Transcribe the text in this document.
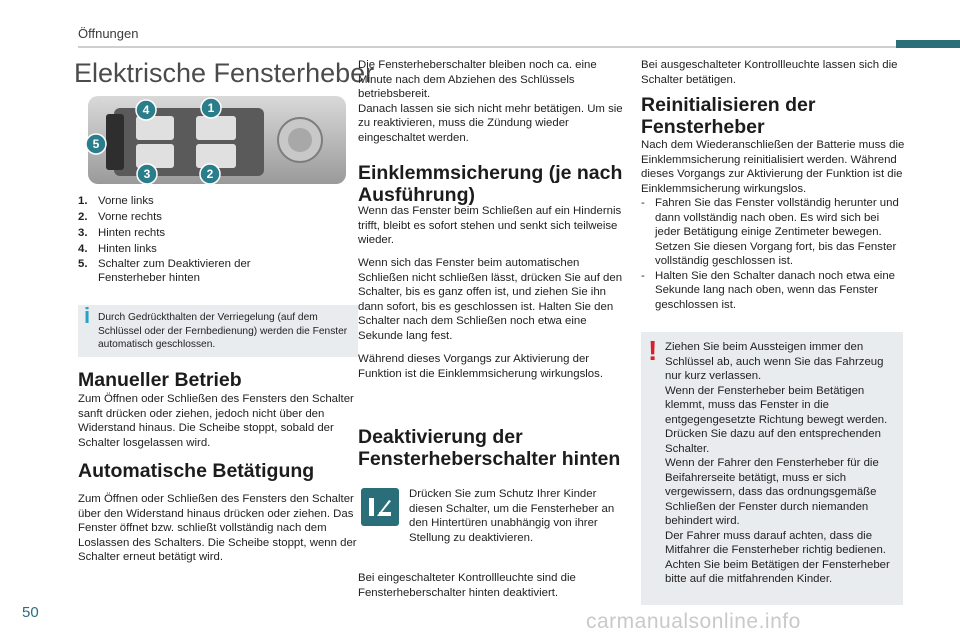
Öffnungen
Elektrische Fensterheber
4	1
5
3	2
1. Vorne links
2. Vorne rechts
3. Hinten rechts
4. Hinten links
5. Schalter zum Deaktivieren der Fensterheber hinten
i Durch Gedrückthalten der Verriegelung (auf dem Schlüssel oder der Fernbedienung) werden die Fenster automatisch geschlossen.
Manueller Betrieb
Zum Öffnen oder Schließen des Fensters den Schalter sanft drücken oder ziehen, jedoch nicht über den Widerstand hinaus. Die Scheibe stoppt, sobald der Schalter losgelassen wird.
Automatische Betätigung
Zum Öffnen oder Schließen des Fensters den Schalter über den Widerstand hinaus drücken oder ziehen. Das Fenster öffnet bzw. schließt vollständig nach dem Loslassen des Schalters. Die Scheibe stoppt, wenn der Schalter erneut betätigt wird.
Die Fensterheberschalter bleiben noch ca. eine Minute nach dem Abziehen des Schlüssels betriebsbereit.
Danach lassen sie sich nicht mehr betätigen. Um sie zu reaktivieren, muss die Zündung wieder eingeschaltet werden.
Einklemmsicherung (je nach Ausführung)
Wenn das Fenster beim Schließen auf ein Hindernis trifft, bleibt es sofort stehen und senkt sich teilweise wieder.
Wenn sich das Fenster beim automatischen Schließen nicht schließen lässt, drücken Sie auf den Schalter, bis es ganz offen ist, und ziehen Sie ihn dann sofort, bis es geschlossen ist. Halten Sie den Schalter nach dem Schließen noch etwa eine Sekunde lang fest.
Während dieses Vorgangs zur Aktivierung der Funktion ist die Einklemmsicherung wirkungslos.
Deaktivierung der Fensterheberschalter hinten
Drücken Sie zum Schutz Ihrer Kinder diesen Schalter, um die Fensterheber an den Hintertüren unabhängig von ihrer Stellung zu deaktivieren.
Bei eingeschalteter Kontrollleuchte sind die Fensterheberschalter hinten deaktiviert.
Bei ausgeschalteter Kontrollleuchte lassen sich die Schalter betätigen.
Reinitialisieren der Fensterheber
Nach dem Wiederanschließen der Batterie muss die Einklemmsicherung reinitialisiert werden. Während dieses Vorgangs zur Aktivierung der Funktion ist die Einklemmsicherung wirkungslos.
- Fahren Sie das Fenster vollständig herunter und dann vollständig nach oben. Es wird sich bei jeder Betätigung einige Zentimeter bewegen. Setzen Sie diesen Vorgang fort, bis das Fenster vollständig geschlossen ist.
- Halten Sie den Schalter danach noch etwa eine Sekunde lang nach oben, wenn das Fenster geschlossen ist.
! Ziehen Sie beim Aussteigen immer den Schlüssel ab, auch wenn Sie das Fahrzeug nur kurz verlassen.
Wenn der Fensterheber beim Betätigen klemmt, muss das Fenster in die entgegengesetzte Richtung bewegt werden. Drücken Sie dazu auf den entsprechenden Schalter.
Wenn der Fahrer den Fensterheber für die Beifahrerseite betätigt, muss er sich vergewissern, dass das ordnungsgemäße Schließen der Fenster durch niemanden behindert wird.
Der Fahrer muss darauf achten, dass die Mitfahrer die Fensterheber richtig bedienen. Achten Sie beim Betätigen der Fensterheber bitte auf die mitfahrenden Kinder.
50	carmanualsonline.info
